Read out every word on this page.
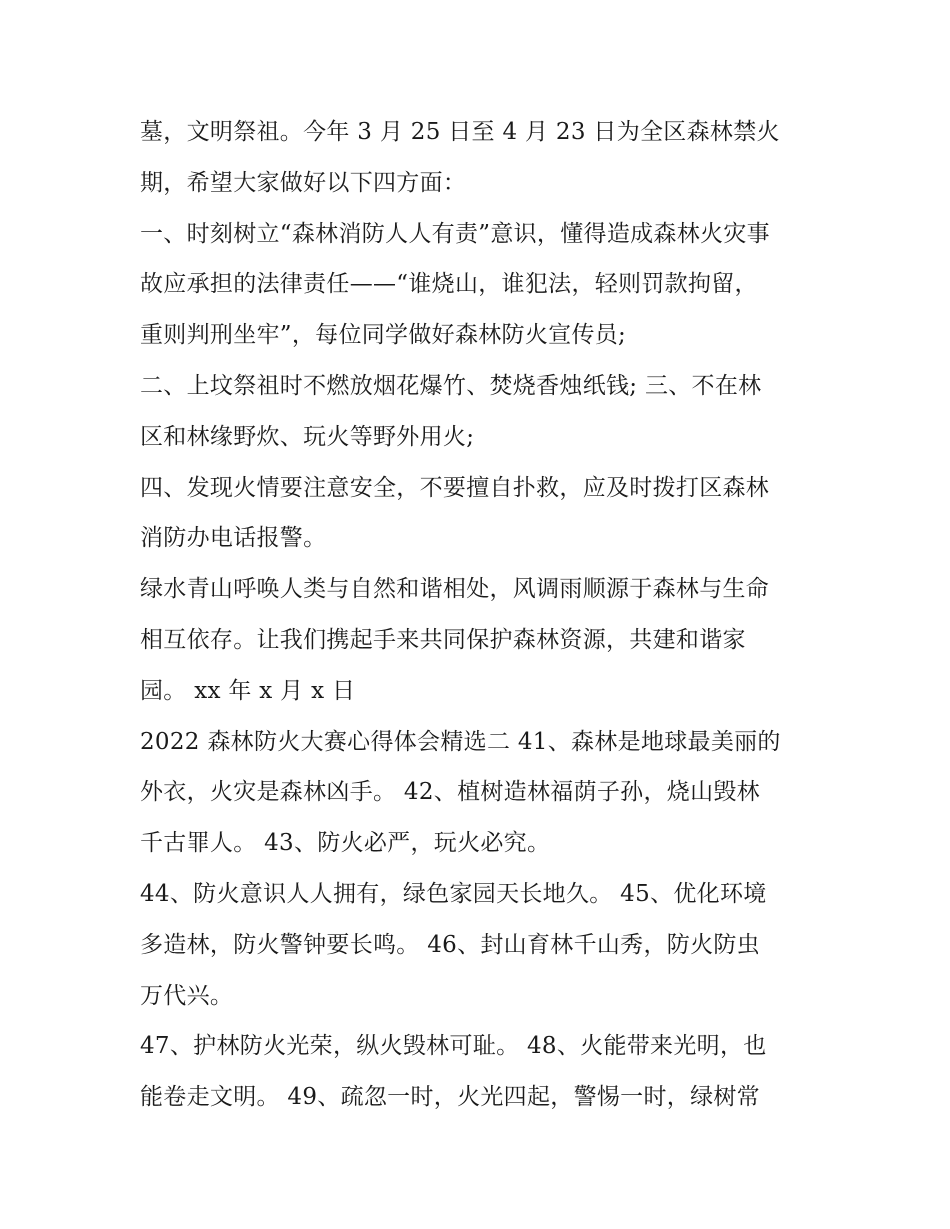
墓，文明祭祖。今年 3 月 25 日至 4 月 23 日为全区森林禁火
期，希望大家做好以下四方面：
一、时刻树立“森林消防人人有责”意识，懂得造成森林火灾事
故应承担的法律责任——“谁烧山，谁犯法，轻则罚款拘留，
重则判刑坐牢”，每位同学做好森林防火宣传员;
二、上坟祭祖时不燃放烟花爆竹、焚烧香烛纸钱; 三、不在林
区和林缘野炊、玩火等野外用火;
四、发现火情要注意安全，不要擅自扑救，应及时拨打区森林
消防办电话报警。
绿水青山呼唤人类与自然和谐相处，风调雨顺源于森林与生命
相互依存。让我们携起手来共同保护森林资源，共建和谐家
园。 xx 年 x 月 x 日
2022 森林防火大赛心得体会精选二 41、森林是地球最美丽的
外衣，火灾是森林凶手。 42、植树造林福荫子孙，烧山毁林
千古罪人。 43、防火必严，玩火必究。
44、防火意识人人拥有，绿色家园天长地久。 45、优化环境
多造林，防火警钟要长鸣。 46、封山育林千山秀，防火防虫
万代兴。
47、护林防火光荣，纵火毁林可耻。 48、火能带来光明，也
能卷走文明。 49、疏忽一时，火光四起，警惕一时，绿树常
